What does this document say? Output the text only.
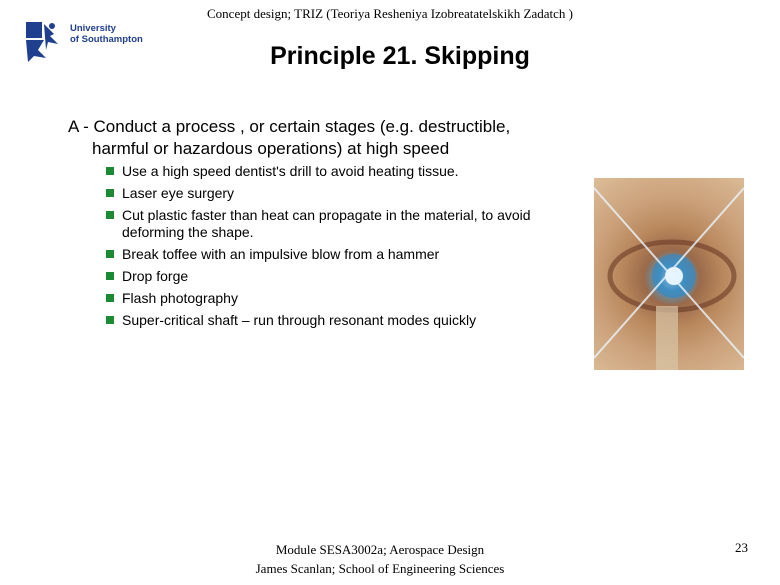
Concept design; TRIZ (Teoriya Resheniya Izobreatatelskikh Zadatch )
University
of Southampton
Principle 21. Skipping
A - Conduct a process , or certain stages (e.g. destructible,
harmful or hazardous operations) at high speed
Use a high speed dentist's drill to avoid heating tissue.
Laser eye surgery
Cut plastic faster than heat can propagate in the material, to avoid deforming the shape.
Break toffee with an impulsive blow from a hammer
Drop forge
Flash photography
Super-critical shaft – run through resonant modes quickly
Module SESA3002a; Aerospace Design
James Scanlan; School of Engineering Sciences
23
